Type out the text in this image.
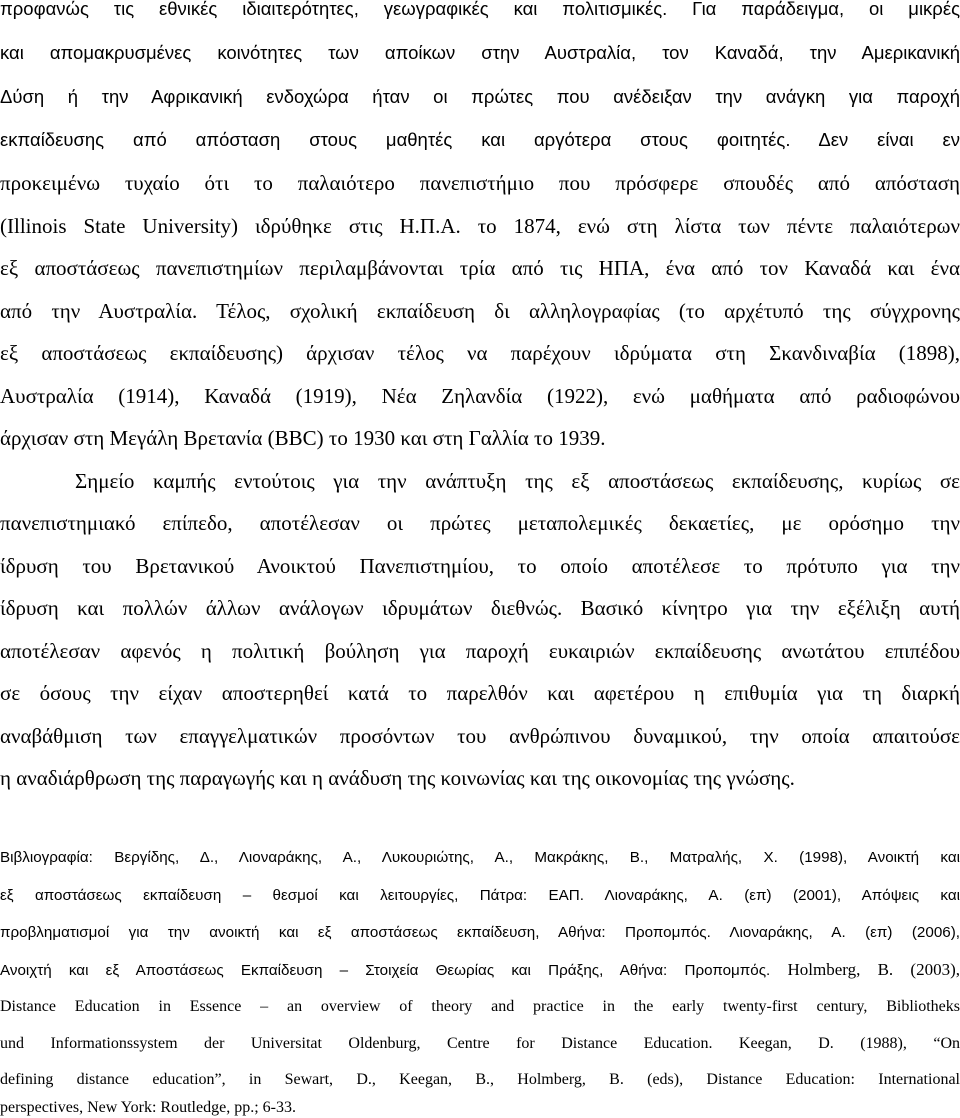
προφανώς τις εθνικές ιδιαιτερότητες, γεωγραφικές και πολιτισμικές. Για παράδειγμα, οι μικρές
και απομακρυσμένες κοινότητες των αποίκων στην Αυστραλία, τον Καναδά, την Αμερικανική
Δύση ή την Αφρικανική ενδοχώρα ήταν οι πρώτες που ανέδειξαν την ανάγκη για παροχή
εκπαίδευσης από απόσταση στους μαθητές και αργότερα στους φοιτητές. Δεν είναι εν
προκειμένω τυχαίο ότι το παλαιότερο πανεπιστήμιο που πρόσφερε σπουδές από απόσταση
(Illinois State University) ιδρύθηκε στις Η.Π.Α. το 1874, ενώ στη λίστα των πέντε παλαιότερων
εξ αποστάσεως πανεπιστημίων περιλαμβάνονται τρία από τις ΗΠΑ, ένα από τον Καναδά και ένα
από την Αυστραλία. Τέλος, σχολική εκπαίδευση δι αλληλογραφίας (το αρχέτυπό της σύγχρονης
εξ αποστάσεως εκπαίδευσης) άρχισαν τέλος να παρέχουν ιδρύματα στη Σκανδιναβία (1898),
Αυστραλία (1914), Καναδά (1919), Νέα Ζηλανδία (1922), ενώ μαθήματα από ραδιοφώνου
άρχισαν στη Μεγάλη Βρετανία (BBC) το 1930 και στη Γαλλία το 1939.
Σημείο καμπής εντούτοις για την ανάπτυξη της εξ αποστάσεως εκπαίδευσης, κυρίως σε
πανεπιστημιακό επίπεδο, αποτέλεσαν οι πρώτες μεταπολεμικές δεκαετίες, με ορόσημο την
ίδρυση του Βρετανικού Ανοικτού Πανεπιστημίου, το οποίο αποτέλεσε το πρότυπο για την
ίδρυση και πολλών άλλων ανάλογων ιδρυμάτων διεθνώς. Βασικό κίνητρο για την εξέλιξη αυτή
αποτέλεσαν αφενός η πολιτική βούληση για παροχή ευκαιριών εκπαίδευσης ανωτάτου επιπέδου
σε όσους την είχαν αποστερηθεί κατά το παρελθόν και αφετέρου η επιθυμία για τη διαρκή
αναβάθμιση των επαγγελματικών προσόντων του ανθρώπινου δυναμικού, την οποία απαιτούσε
η αναδιάρθρωση της παραγωγής και η ανάδυση της κοινωνίας και της οικονομίας της γνώσης.
Βιβλιογραφία: Βεργίδης, Δ., Λιοναράκης, Α., Λυκουριώτης, Α., Μακράκης, Β., Ματραλής, Χ. (1998), Ανοικτή και
εξ αποστάσεως εκπαίδευση – θεσμοί και λειτουργίες, Πάτρα: ΕΑΠ. Λιοναράκης, Α. (επ) (2001), Απόψεις και
προβληματισμοί για την ανοικτή και εξ αποστάσεως εκπαίδευση, Αθήνα: Προπομπός. Λιοναράκης, Α. (επ) (2006),
Ανοιχτή και εξ Αποστάσεως Εκπαίδευση – Στοιχεία Θεωρίας και Πράξης, Αθήνα: Προπομπός. Holmberg, B. (2003),
Distance Education in Essence – an overview of theory and practice in the early twenty-first century, Bibliotheks
und Informationssystem der Universitat Oldenburg, Centre for Distance Education. Keegan, D. (1988), “On
defining distance education”, in Sewart, D., Keegan, B., Holmberg, B. (eds), Distance Education: International
perspectives, New York: Routledge, pp.; 6-33.
